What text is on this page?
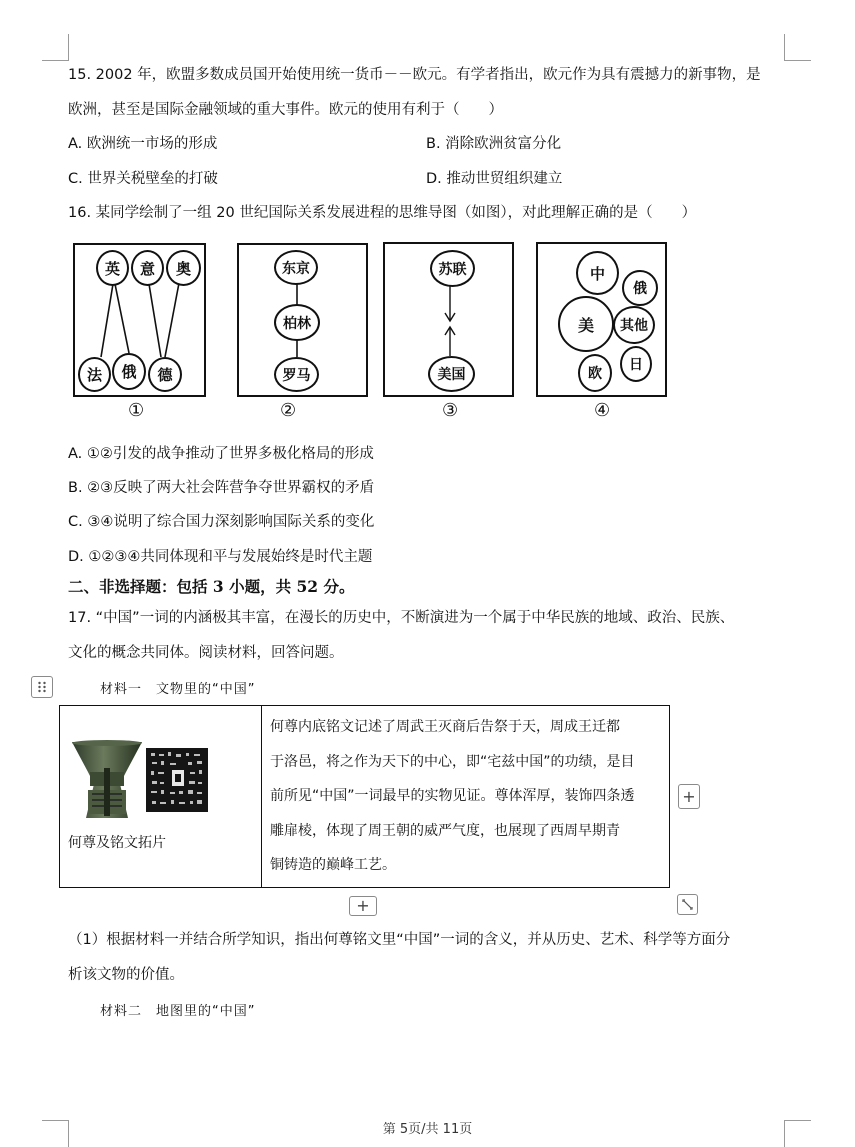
15. 2002 年，欧盟多数成员国开始使用统一货币－－欧元。有学者指出，欧元作为具有震撼力的新事物，是
欧洲，甚至是国际金融领域的重大事件。欧元的使用有利于（　　）
A. 欧洲统一市场的形成	B. 消除欧洲贫富分化
C. 世界关税壁垒的打破	D. 推动世贸组织建立
16. 某同学绘制了一组 20 世纪国际关系发展进程的思维导图（如图），对此理解正确的是（　　）
英	意	奥
法	俄	德
①
东京
柏林
罗马
②
苏联
美国
③
中
俄
美	其他
日
欧
④
A. ①②引发的战争推动了世界多极化格局的形成
B. ②③反映了两大社会阵营争夺世界霸权的矛盾
C. ③④说明了综合国力深刻影响国际关系的变化
D. ①②③④共同体现和平与发展始终是时代主题
二、非选择题：包括 3 小题，共 52 分。
17. “中国”一词的内涵极其丰富，在漫长的历史中，不断演进为一个属于中华民族的地域、政治、民族、
文化的概念共同体。阅读材料，回答问题。
材料一　文物里的“中国”
何尊及铭文拓片

何尊内底铭文记述了周武王灭商后告祭于天，周成王迁都

于洛邑，将之作为天下的中心，即“宅兹中国”的功绩，是目

前所见“中国”一词最早的实物见证。尊体浑厚，装饰四条透

雕扉棱，体现了周王朝的威严气度，也展现了西周早期青

铜铸造的巅峰工艺。

+
+
（1）根据材料一并结合所学知识，指出何尊铭文里“中国”一词的含义，并从历史、艺术、科学等方面分
析该文物的价值。
材料二　地图里的“中国”
第 5页/共 11页
